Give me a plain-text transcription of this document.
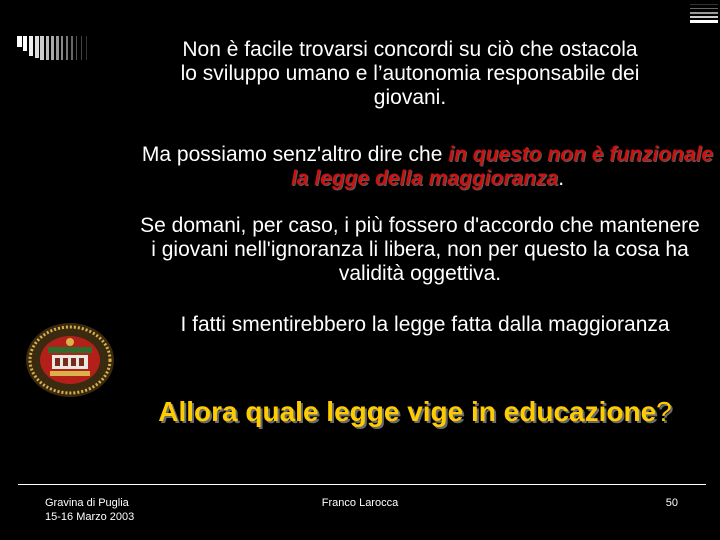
Non è facile trovarsi concordi su ciò che ostacola
lo sviluppo umano e l’autonomia responsabile dei
giovani.
Ma possiamo senz'altro dire che in questo non è funzionale la legge della maggioranza.
Se domani, per caso, i più fossero d'accordo che mantenere i giovani nell'ignoranza li libera, non per questo la cosa ha validità oggettiva.
I fatti smentirebbero la legge fatta dalla maggioranza
Allora quale legge vige in educazione?
Gravina di Puglia
15-16 Marzo 2003
Franco Larocca	50
